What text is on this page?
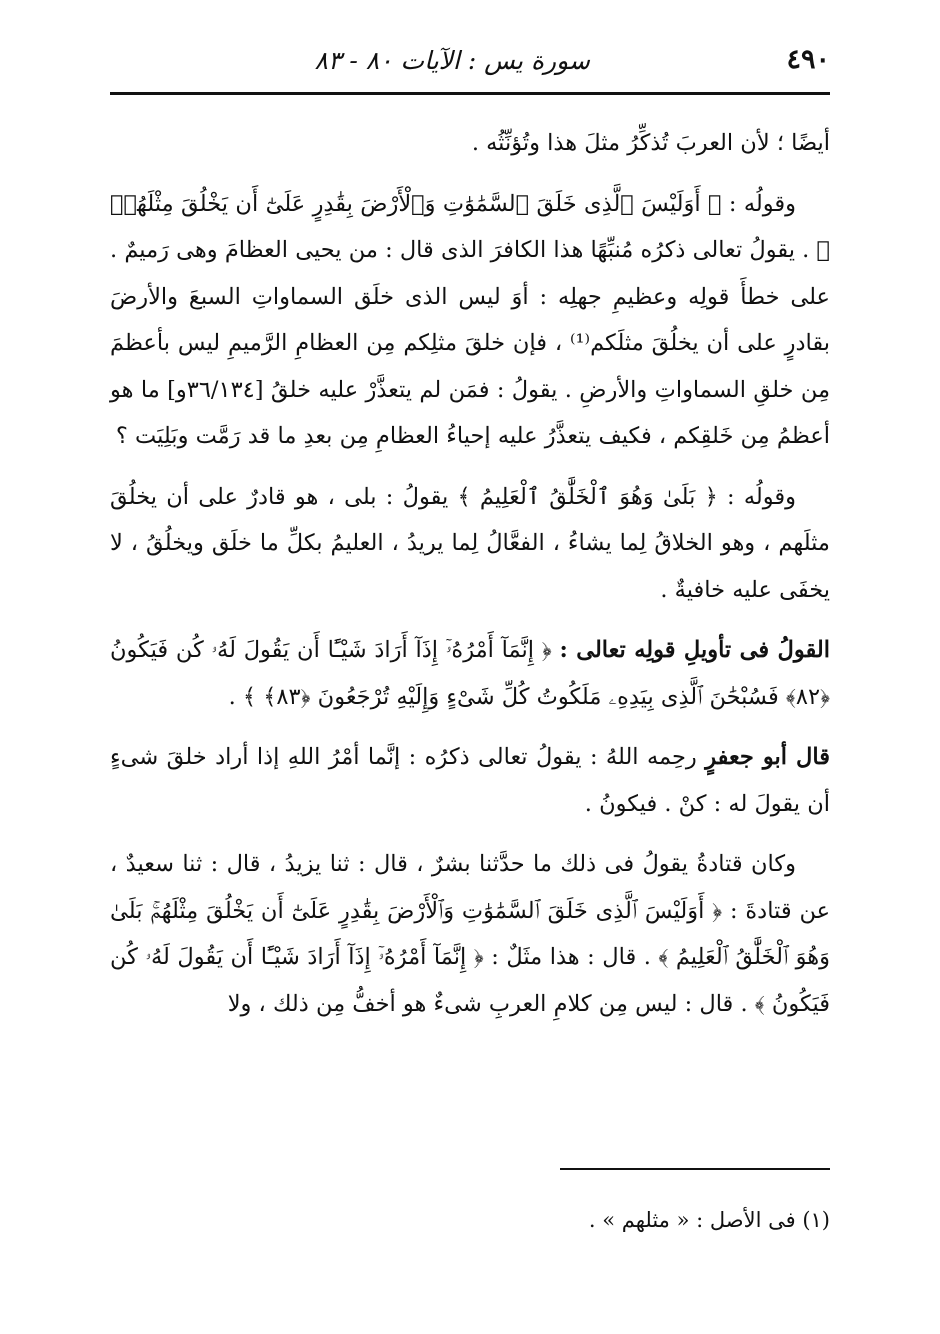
٤٩٠
سورة يس : الآيات ٨٠ - ٨٣

أيضًا ؛ لأن العربَ تُذكِّرُ مثلَ هذا وتُؤنِّثُه .

وقولُه : ﴿ أَوَلَيْسَ ٱلَّذِى خَلَقَ ٱلسَّمَٰوَٰتِ وَٱلْأَرْضَ بِقَٰدِرٍ عَلَىٰٓ أَن يَخْلُقَ مِثْلَهُمۚ ﴾ . يقولُ تعالى ذكرُه مُنبِّهًا هذا الكافرَ الذى قال : من يحيى العظامَ وهى رَميمٌ . على خطأَ قولِه وعظيمِ جهلِه : أوَ ليس الذى خلَق السماواتِ السبعَ والأرضَ بقادرٍ على أن يخلُقَ مثلَكم⁽¹⁾ ، فإن خلقَ مثلِكم مِن العظامِ الرَّميمِ ليس بأعظمَ مِن خلقِ السماواتِ والأرضِ . يقولُ : فمَن لم يتعذَّرْ عليه خلقُ [٣٦/١٣٤و] ما هو أعظمُ مِن خَلقِكم ، فكيف يتعذَّرُ عليه إحياءُ العظامِ مِن بعدِ ما قد رَمَّت وبَلِيَت ؟

وقولُه : ﴿ بَلَىٰ وَهُوَ ٱلْخَلَّٰقُ ٱلْعَلِيمُ ﴾ يقولُ : بلى ، هو قادرٌ على أن يخلُقَ مثلَهم ، وهو الخلاقُ لِما يشاءُ ، الفعَّالُ لِما يريدُ ، العليمُ بكلِّ ما خلَق ويخلُقُ ، لا يخفَى عليه خافيةٌ .

القولُ فى تأويلِ قولِه تعالى : ﴿ إِنَّمَآ أَمْرُهُۥٓ إِذَآ أَرَادَ شَيْـًٔا أَن يَقُولَ لَهُۥ كُن فَيَكُونُ ﴿٨٢﴾ فَسُبْحَٰنَ ٱلَّذِى بِيَدِهِۦ مَلَكُوتُ كُلِّ شَىْءٍ وَإِلَيْهِ تُرْجَعُونَ ﴿٨٣﴾ ﴾ .

قال أبو جعفرٍ رحِمه اللهُ : يقولُ تعالى ذكرُه : إنَّما أمْرُ اللهِ إذا أراد خلقَ شىءٍ أن يقولَ له : كنْ . فيكونُ .

وكان قتادةُ يقولُ فى ذلك ما حدَّثنا بشرٌ ، قال : ثنا يزيدُ ، قال : ثنا سعيدٌ ، عن قتادةَ : ﴿ أَوَلَيْسَ ٱلَّذِى خَلَقَ ٱلسَّمَٰوَٰتِ وَٱلْأَرْضَ بِقَٰدِرٍ عَلَىٰٓ أَن يَخْلُقَ مِثْلَهُمۚ بَلَىٰ وَهُوَ ٱلْخَلَّٰقُ ٱلْعَلِيمُ ﴾ . قال : هذا مثَلٌ : ﴿ إِنَّمَآ أَمْرُهُۥٓ إِذَآ أَرَادَ شَيْـًٔا أَن يَقُولَ لَهُۥ كُن فَيَكُونُ ﴾ . قال : ليس مِن كلامِ العربِ شىءٌ هو أخفُّ مِن ذلك ، ولا

(١) فى الأصل : « مثلهم » .
